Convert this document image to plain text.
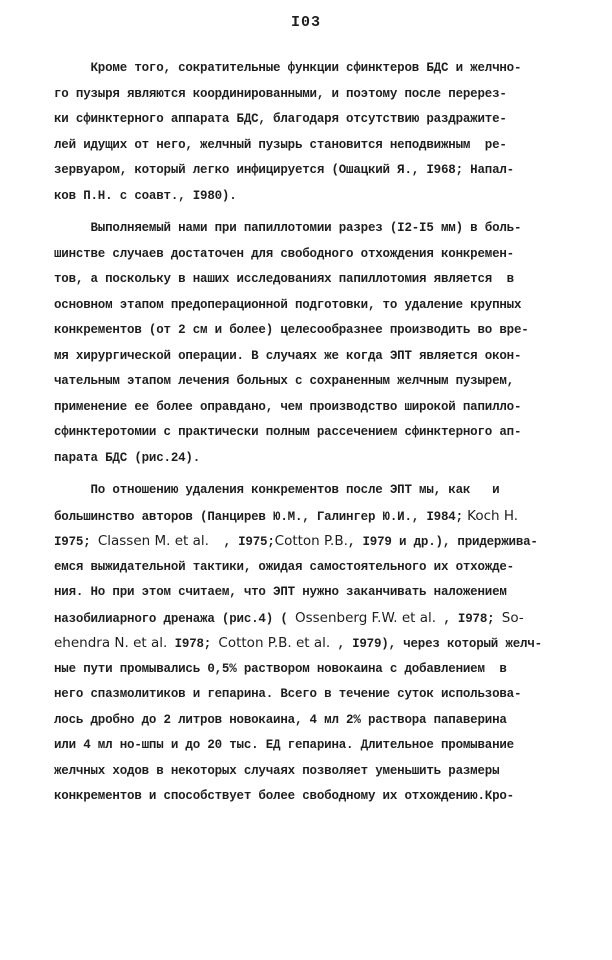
I03
Кроме того, сократительные функции сфинктеров БДС и желчно-
го пузыря являются координированными, и поэтому после перерез-
ки сфинктерного аппарата БДС, благодаря отсутствию раздражите-
лей идущих от него, желчный пузырь становится неподвижным  ре-
зервуаром, который легко инфицируется (Ошацкий Я., I968; Напал-
ков П.Н. с соавт., I980).
Выполняемый нами при папиллотомии разрез (I2-I5 мм) в боль-
шинстве случаев достаточен для свободного отхождения конкремен-
тов, а поскольку в наших исследованиях папиллотомия является  в
основном этапом предоперационной подготовки, то удаление крупных
конкрементов (от 2 см и более) целесообразнее производить во вре-
мя хирургической операции. В случаях же когда ЭПТ является окон-
чательным этапом лечения больных с сохраненным желчным пузырем,
применение ее более оправдано, чем производство широкой папилло-
сфинктеротомии с практически полным рассечением сфинктерного ап-
парата БДС (рис.24).
По отношению удаления конкрементов после ЭПТ мы, как   и
большинство авторов (Панцирев Ю.М., Галингер Ю.И., I984; Koch H.
I975; Classen M. et al.  , I975;Cotton P.B., I979 и др.), придержива-
емся выжидательной тактики, ожидая самостоятельного их отхожде-
ния. Но при этом считаем, что ЭПТ нужно заканчивать наложением
назобилиарного дренажа (рис.4) ( Ossenberg F.W. et al. , I978; So-
ehendra N. et al. I978; Cotton P.B. et al. , I979), через который желч-
ные пути промывались 0,5% раствором новокаина с добавлением  в
него спазмолитиков и гепарина. Всего в течение суток использова-
лось дробно до 2 литров новокаина, 4 мл 2% раствора папаверина
или 4 мл но-шпы и до 20 тыс. ЕД гепарина. Длительное промывание
желчных ходов в некоторых случаях позволяет уменьшить размеры
конкрементов и способствует более свободному их отхождению.Кро-
